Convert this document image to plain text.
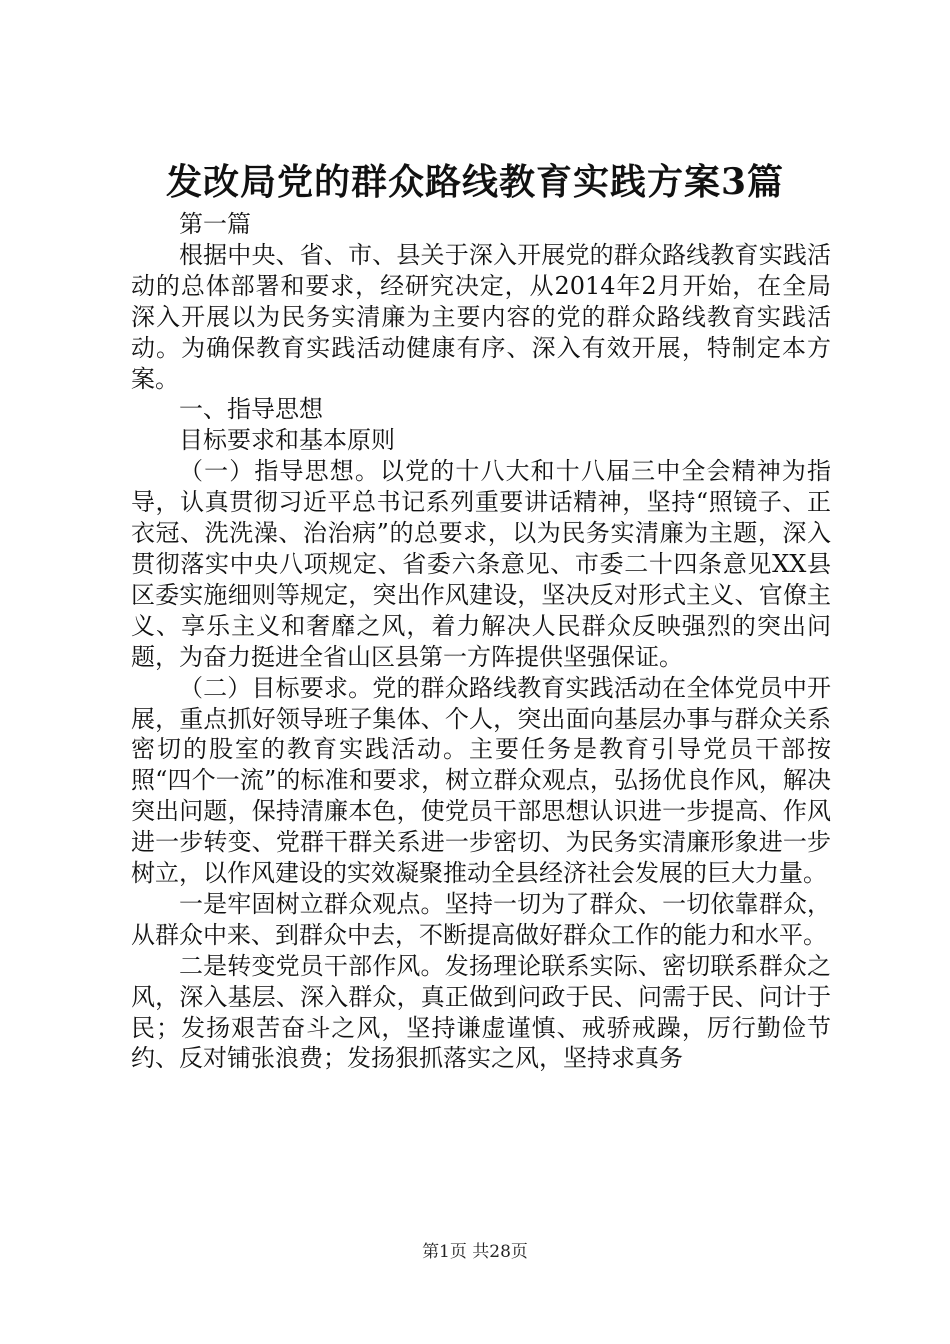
发改局党的群众路线教育实践方案3篇

第一篇

根据中央、省、市、县关于深入开展党的群众路线教育实践活动的总体部署和要求，经研究决定，从2014年2月开始，在全局深入开展以为民务实清廉为主要内容的党的群众路线教育实践活动。为确保教育实践活动健康有序、深入有效开展，特制定本方案。

一、指导思想

目标要求和基本原则

（一）指导思想。以党的十八大和十八届三中全会精神为指导，认真贯彻习近平总书记系列重要讲话精神，坚持“照镜子、正衣冠、洗洗澡、治治病”的总要求，以为民务实清廉为主题，深入贯彻落实中央八项规定、省委六条意见、市委二十四条意见XX县区委实施细则等规定，突出作风建设，坚决反对形式主义、官僚主义、享乐主义和奢靡之风，着力解决人民群众反映强烈的突出问题，为奋力挺进全省山区县第一方阵提供坚强保证。

（二）目标要求。党的群众路线教育实践活动在全体党员中开展，重点抓好领导班子集体、个人，突出面向基层办事与群众关系密切的股室的教育实践活动。主要任务是教育引导党员干部按照“四个一流”的标准和要求，树立群众观点，弘扬优良作风，解决突出问题，保持清廉本色，使党员干部思想认识进一步提高、作风进一步转变、党群干群关系进一步密切、为民务实清廉形象进一步树立，以作风建设的实效凝聚推动全县经济社会发展的巨大力量。

一是牢固树立群众观点。坚持一切为了群众、一切依靠群众，从群众中来、到群众中去，不断提高做好群众工作的能力和水平。

二是转变党员干部作风。发扬理论联系实际、密切联系群众之风，深入基层、深入群众，真正做到问政于民、问需于民、问计于民；发扬艰苦奋斗之风，坚持谦虚谨慎、戒骄戒躁，厉行勤俭节约、反对铺张浪费；发扬狠抓落实之风，坚持求真务

第1页 共28页
